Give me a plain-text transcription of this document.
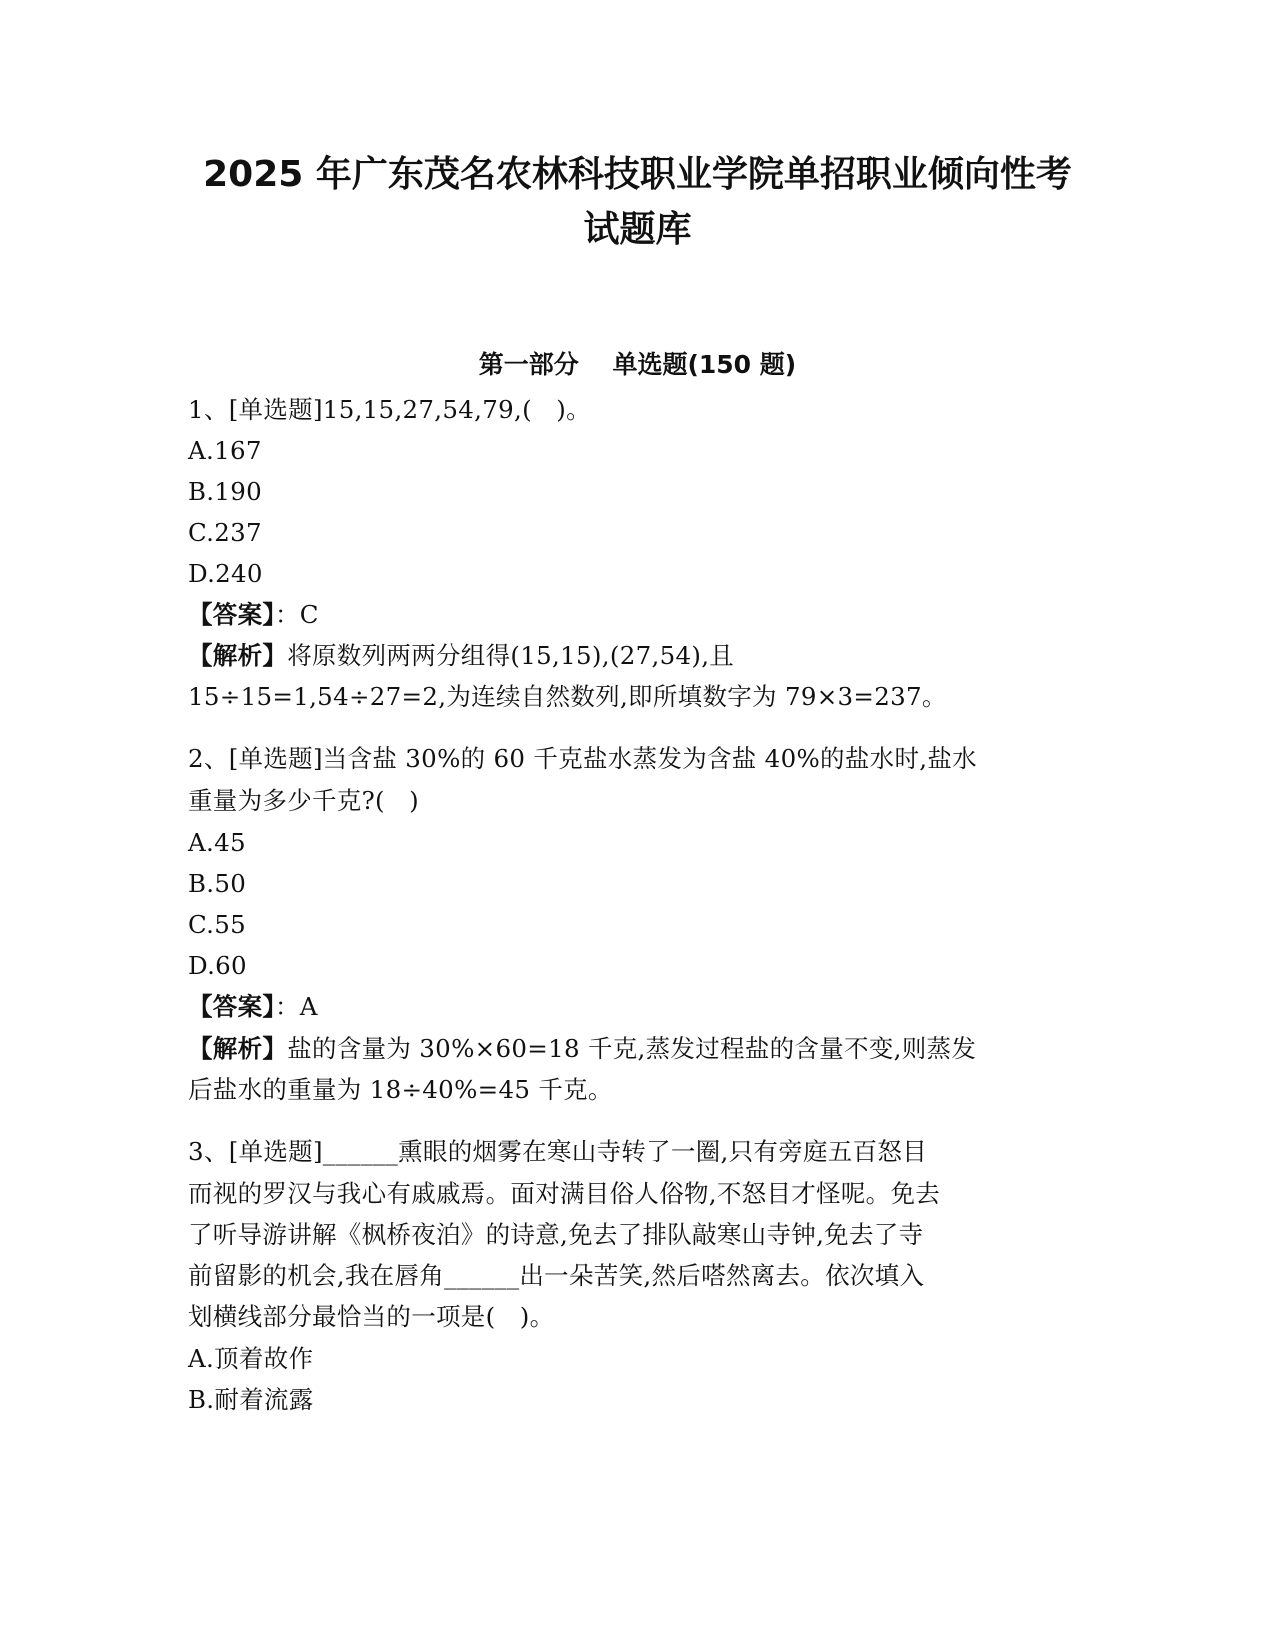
2025 年广东茂名农林科技职业学院单招职业倾向性考
试题库
第一部分　 单选题(150 题)
1、[单选题]15,15,27,54,79,(   )。
A.167
B.190
C.237
D.240
【答案】：C
【解析】将原数列两两分组得(15,15),(27,54),且
15÷15=1,54÷27=2,为连续自然数列,即所填数字为 79×3=237。
2、[单选题]当含盐 30%的 60 千克盐水蒸发为含盐 40%的盐水时,盐水
重量为多少千克?(   )
A.45
B.50
C.55
D.60
【答案】：A
【解析】盐的含量为 30%×60=18 千克,蒸发过程盐的含量不变,则蒸发
后盐水的重量为 18÷40%=45 千克。
3、[单选题]______熏眼的烟雾在寒山寺转了一圈,只有旁庭五百怒目
而视的罗汉与我心有戚戚焉。面对满目俗人俗物,不怒目才怪呢。免去
了听导游讲解《枫桥夜泊》的诗意,免去了排队敲寒山寺钟,免去了寺
前留影的机会,我在唇角______出一朵苦笑,然后嗒然离去。依次填入
划横线部分最恰当的一项是(   )。
A.顶着故作
B.耐着流露
